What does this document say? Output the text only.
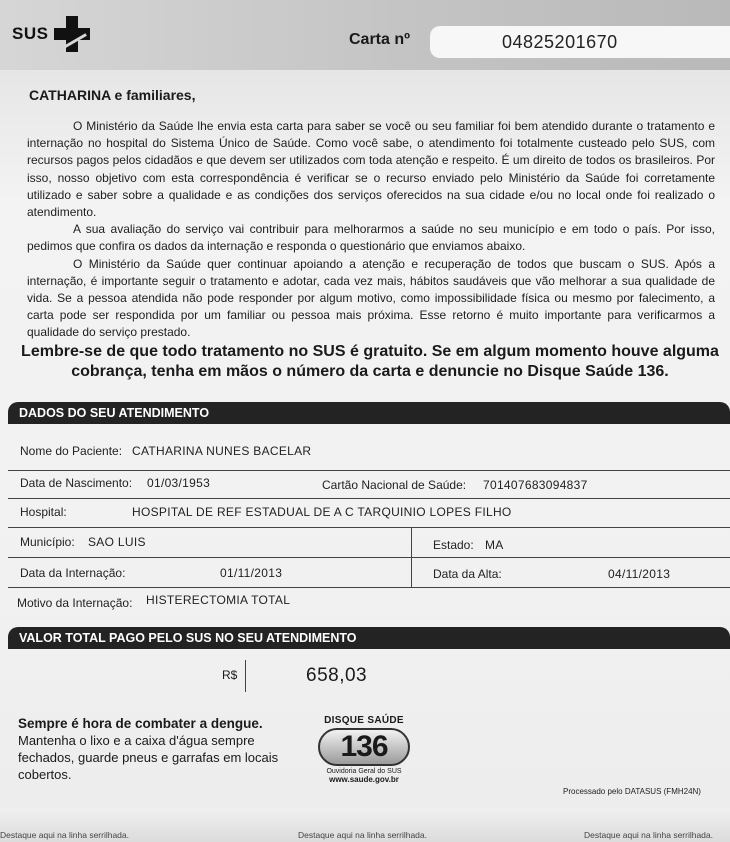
SUS	Carta nº	04825201670
CATHARINA e familiares,

O Ministério da Saúde lhe envia esta carta para saber se você ou seu familiar foi bem atendido durante o tratamento e internação no hospital do Sistema Único de Saúde. Como você sabe, o atendimento foi totalmente custeado pelo SUS, com recursos pagos pelos cidadãos e que devem ser utilizados com toda atenção e respeito. É um direito de todos os brasileiros. Por isso, nosso objetivo com esta correspondência é verificar se o recurso enviado pelo Ministério da Saúde foi corretamente utilizado e saber sobre a qualidade e as condições dos serviços oferecidos na sua cidade e/ou no local onde foi realizado o atendimento.

A sua avaliação do serviço vai contribuir para melhorarmos a saúde no seu município e em todo o país. Por isso, pedimos que confira os dados da internação e responda o questionário que enviamos abaixo.

O Ministério da Saúde quer continuar apoiando a atenção e recuperação de todos que buscam o SUS. Após a internação, é importante seguir o tratamento e adotar, cada vez mais, hábitos saudáveis que vão melhorar a sua qualidade de vida. Se a pessoa atendida não pode responder por algum motivo, como impossibilidade física ou mesmo por falecimento, a carta pode ser respondida por um familiar ou pessoa mais próxima. Esse retorno é muito importante para verificarmos a qualidade do serviço prestado.

Lembre-se de que todo tratamento no SUS é gratuito. Se em algum momento houve alguma cobrança, tenha em mãos o número da carta e denuncie no Disque Saúde 136.
DADOS DO SEU ATENDIMENTO
Nome do Paciente: CATHARINA NUNES BACELAR
Data de Nascimento: 01/03/1953	Cartão Nacional de Saúde: 701407683094837
Hospital:	HOSPITAL DE REF ESTADUAL DE A C TARQUINIO LOPES FILHO
Município: SAO LUIS	Estado: MA
Data da Internação:	01/11/2013	Data da Alta:	04/11/2013
Motivo da Internação: HISTERECTOMIA TOTAL
VALOR TOTAL PAGO PELO SUS NO SEU ATENDIMENTO
R$	658,03
Sempre é hora de combater a dengue.
Mantenha o lixo e a caixa d'água sempre fechados, guarde pneus e garrafas em locais cobertos.
DISQUE SAÚDE
136
Ouvidoria Geral do SUS
www.saude.gov.br
Processado pelo DATASUS (FMH24N)
Destaque aqui na linha serrilhada.	Destaque aqui na linha serrilhada.	Destaque aqui na linha serrilhada.
